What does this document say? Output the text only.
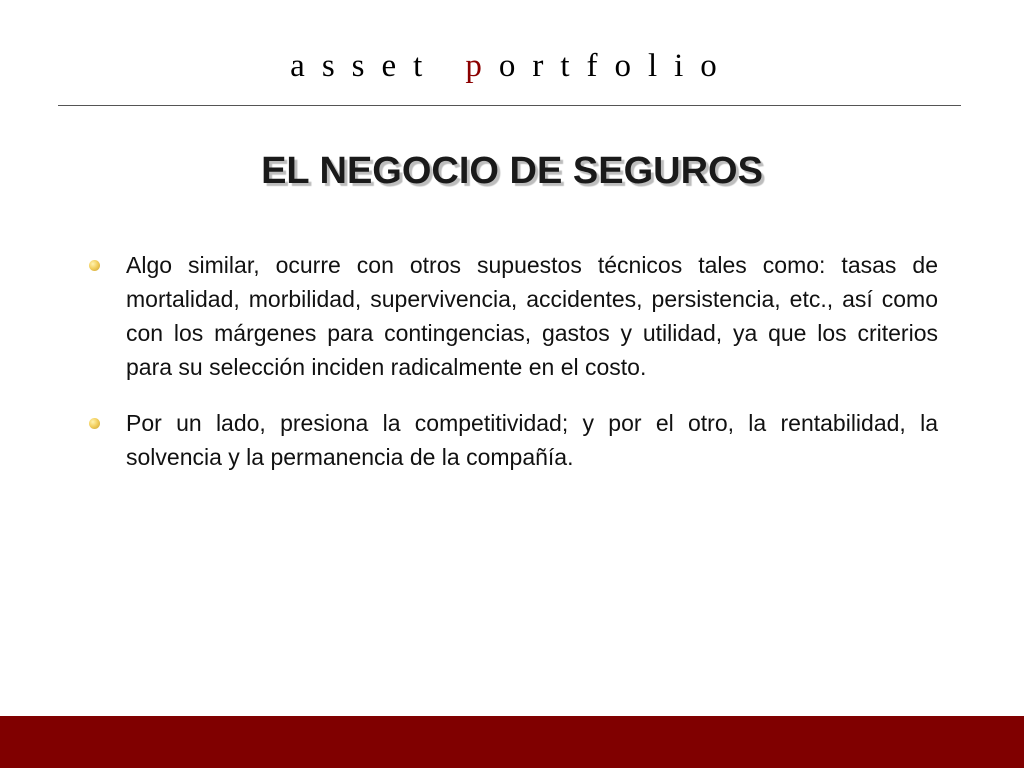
asset portfolio
EL NEGOCIO DE SEGUROS
Algo similar, ocurre con otros supuestos técnicos tales como: tasas de mortalidad, morbilidad, supervivencia, accidentes, persistencia, etc., así como con los márgenes para contingencias, gastos y utilidad, ya que los criterios para su selección inciden radicalmente en el costo.
Por un lado, presiona la competitividad; y por el otro, la rentabilidad, la solvencia y la permanencia de la compañía.
